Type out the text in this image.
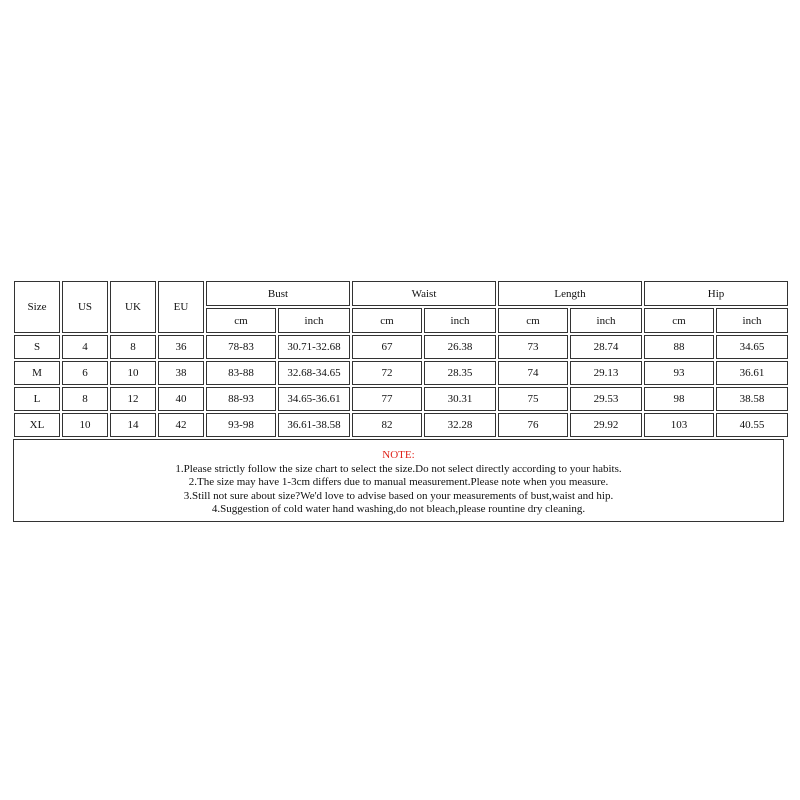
Size	US	UK	EU	Bust		Waist		Length		Hip	
				cm	inch	cm	inch	cm	inch	cm	inch
S	4	8	36	78-83	30.71-32.68	67	26.38	73	28.74	88	34.65
M	6	10	38	83-88	32.68-34.65	72	28.35	74	29.13	93	36.61
L	8	12	40	88-93	34.65-36.61	77	30.31	75	29.53	98	38.58
XL	10	14	42	93-98	36.61-38.58	82	32.28	76	29.92	103	40.55
NOTE:
1.Please strictly follow the size chart to select the size.Do not select directly according to your habits.
2.The size may have 1-3cm differs due to manual measurement.Please note when you measure.
3.Still not sure about size?We'd love to advise based on your measurements of bust,waist and hip.
4.Suggestion of cold water hand washing,do not bleach,please rountine dry cleaning.
